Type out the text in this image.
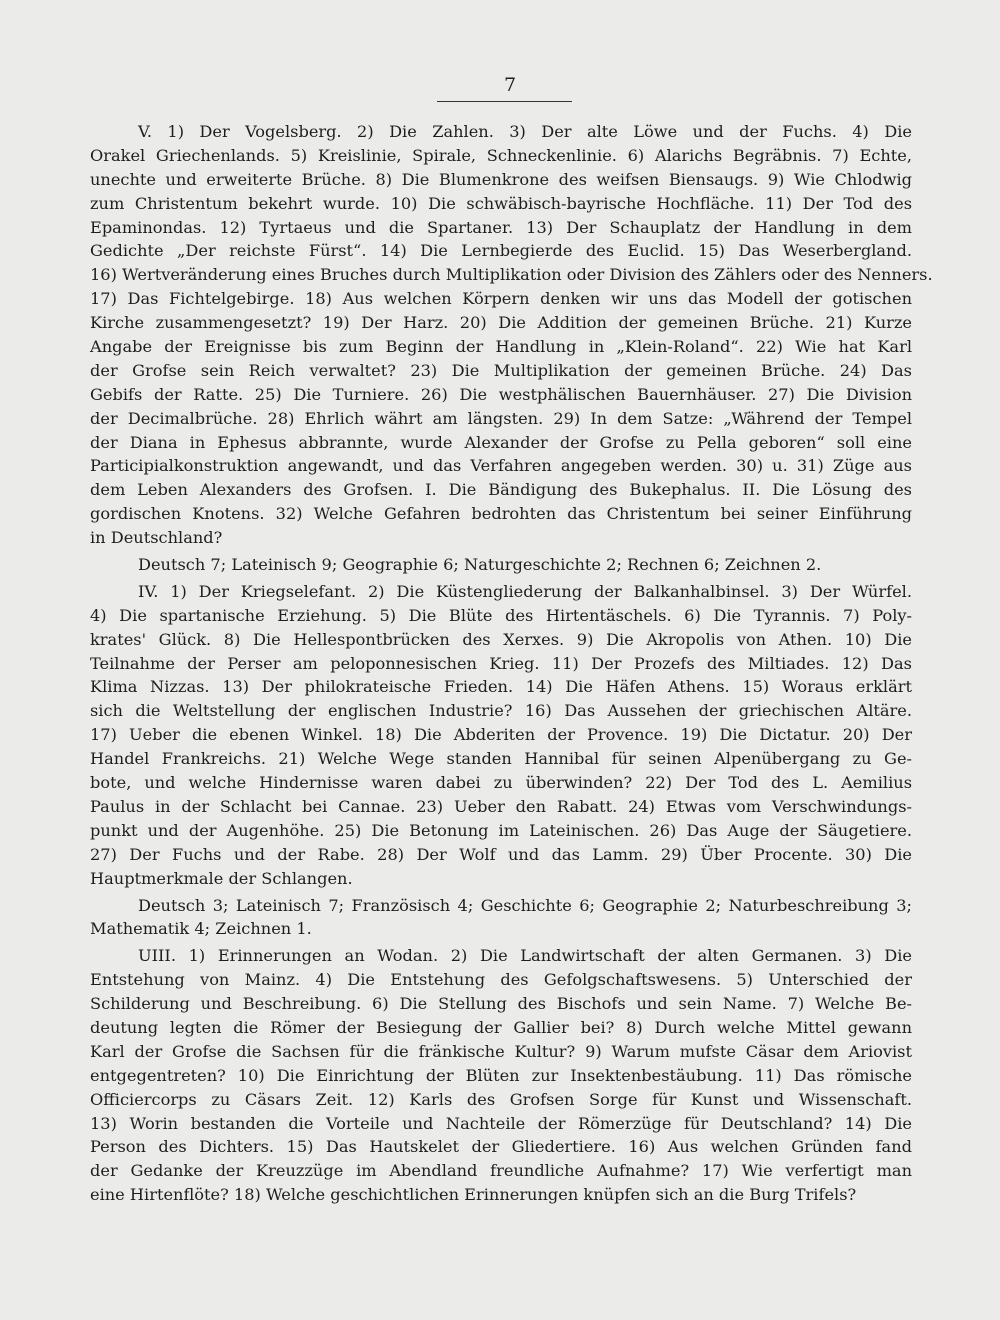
7
V. 1) Der Vogelsberg. 2) Die Zahlen. 3) Der alte Löwe und der Fuchs. 4) Die
Orakel Griechenlands. 5) Kreislinie, Spirale, Schneckenlinie. 6) Alarichs Begräbnis. 7) Echte,
unechte und erweiterte Brüche. 8) Die Blumenkrone des weifsen Biensaugs. 9) Wie Chlodwig
zum Christentum bekehrt wurde. 10) Die schwäbisch-bayrische Hochfläche. 11) Der Tod des
Epaminondas. 12) Tyrtaeus und die Spartaner. 13) Der Schauplatz der Handlung in dem
Gedichte „Der reichste Fürst“. 14) Die Lernbegierde des Euclid. 15) Das Weserbergland.
16) Wertveränderung eines Bruches durch Multiplikation oder Division des Zählers oder des Nenners.
17) Das Fichtelgebirge. 18) Aus welchen Körpern denken wir uns das Modell der gotischen
Kirche zusammengesetzt? 19) Der Harz. 20) Die Addition der gemeinen Brüche. 21) Kurze
Angabe der Ereignisse bis zum Beginn der Handlung in „Klein-Roland“. 22) Wie hat Karl
der Grofse sein Reich verwaltet? 23) Die Multiplikation der gemeinen Brüche. 24) Das
Gebifs der Ratte. 25) Die Turniere. 26) Die westphälischen Bauernhäuser. 27) Die Division
der Decimalbrüche. 28) Ehrlich währt am längsten. 29) In dem Satze: „Während der Tempel
der Diana in Ephesus abbrannte, wurde Alexander der Grofse zu Pella geboren“ soll eine
Participialkonstruktion angewandt, und das Verfahren angegeben werden. 30) u. 31) Züge aus
dem Leben Alexanders des Grofsen. I. Die Bändigung des Bukephalus. II. Die Lösung des
gordischen Knotens. 32) Welche Gefahren bedrohten das Christentum bei seiner Einführung
in Deutschland?
Deutsch 7; Lateinisch 9; Geographie 6; Naturgeschichte 2; Rechnen 6; Zeichnen 2.
IV. 1) Der Kriegselefant. 2) Die Küstengliederung der Balkanhalbinsel. 3) Der Würfel.
4) Die spartanische Erziehung. 5) Die Blüte des Hirtentäschels. 6) Die Tyrannis. 7) Poly-
krates' Glück. 8) Die Hellespontbrücken des Xerxes. 9) Die Akropolis von Athen. 10) Die
Teilnahme der Perser am peloponnesischen Krieg. 11) Der Prozefs des Miltiades. 12) Das
Klima Nizzas. 13) Der philokrateische Frieden. 14) Die Häfen Athens. 15) Woraus erklärt
sich die Weltstellung der englischen Industrie? 16) Das Aussehen der griechischen Altäre.
17) Ueber die ebenen Winkel. 18) Die Abderiten der Provence. 19) Die Dictatur. 20) Der
Handel Frankreichs. 21) Welche Wege standen Hannibal für seinen Alpenübergang zu Ge-
bote, und welche Hindernisse waren dabei zu überwinden? 22) Der Tod des L. Aemilius
Paulus in der Schlacht bei Cannae. 23) Ueber den Rabatt. 24) Etwas vom Verschwindungs-
punkt und der Augenhöhe. 25) Die Betonung im Lateinischen. 26) Das Auge der Säugetiere.
27) Der Fuchs und der Rabe. 28) Der Wolf und das Lamm. 29) Über Procente. 30) Die
Hauptmerkmale der Schlangen.
Deutsch 3; Lateinisch 7; Französisch 4; Geschichte 6; Geographie 2; Naturbeschreibung 3;
Mathematik 4; Zeichnen 1.
UIII. 1) Erinnerungen an Wodan. 2) Die Landwirtschaft der alten Germanen. 3) Die
Entstehung von Mainz. 4) Die Entstehung des Gefolgschaftswesens. 5) Unterschied der
Schilderung und Beschreibung. 6) Die Stellung des Bischofs und sein Name. 7) Welche Be-
deutung legten die Römer der Besiegung der Gallier bei? 8) Durch welche Mittel gewann
Karl der Grofse die Sachsen für die fränkische Kultur? 9) Warum mufste Cäsar dem Ariovist
entgegentreten? 10) Die Einrichtung der Blüten zur Insektenbestäubung. 11) Das römische
Officiercorps zu Cäsars Zeit. 12) Karls des Grofsen Sorge für Kunst und Wissenschaft.
13) Worin bestanden die Vorteile und Nachteile der Römerzüge für Deutschland? 14) Die
Person des Dichters. 15) Das Hautskelet der Gliedertiere. 16) Aus welchen Gründen fand
der Gedanke der Kreuzzüge im Abendland freundliche Aufnahme? 17) Wie verfertigt man
eine Hirtenflöte? 18) Welche geschichtlichen Erinnerungen knüpfen sich an die Burg Trifels?
